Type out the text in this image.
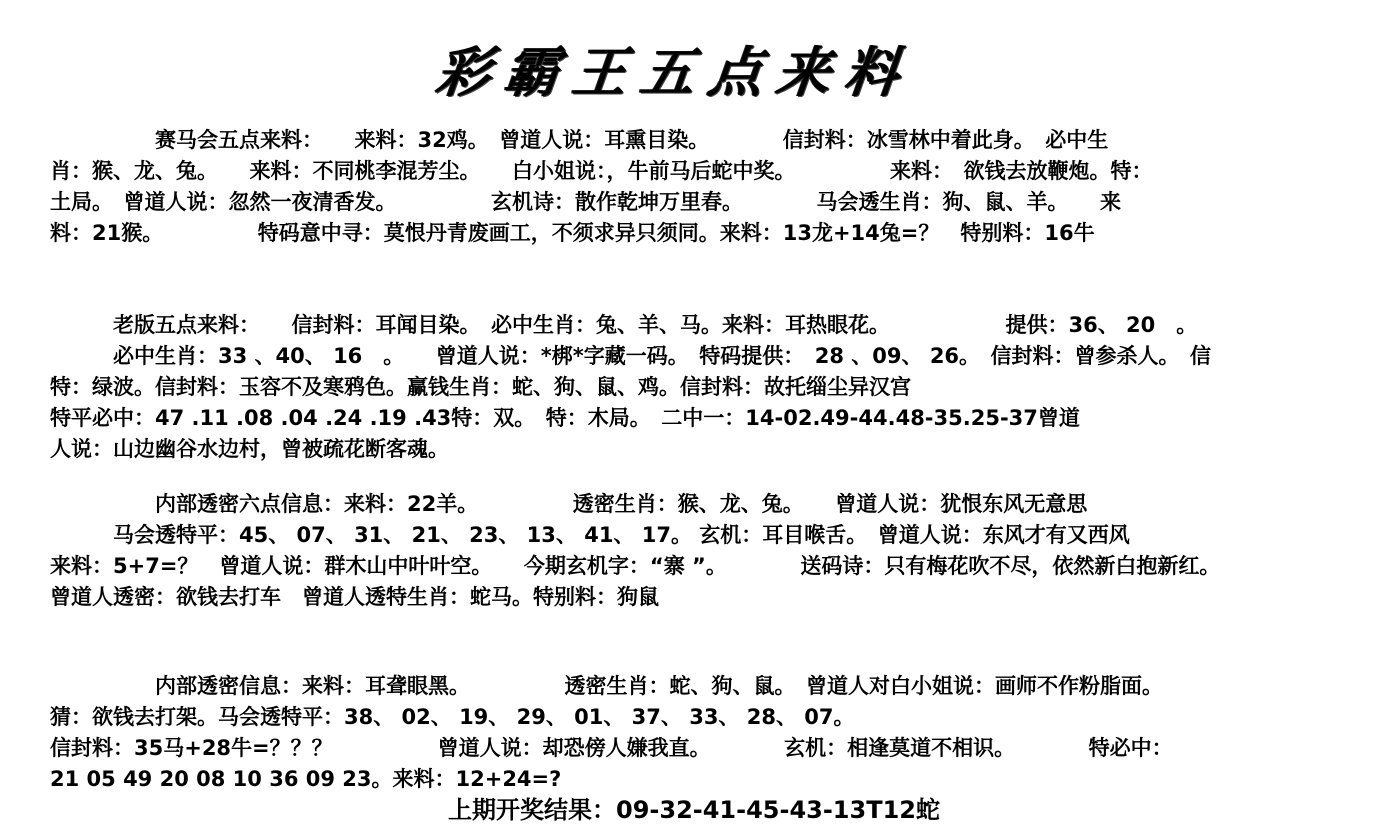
彩霸王五点来料
　　　　　赛马会五点来料：　　来料：32鸡。　曾道人说：耳熏目染。　　　　信封料：冰雪林中着此身。　必中生
肖：猴、龙、兔。　　来料：不同桃李混芳尘。　　白小姐说：，牛前马后蛇中奖。　　　　　来料：　欲钱去放鞭炮。特：
土局。　曾道人说：忽然一夜清香发。　　　　　玄机诗：散作乾坤万里春。　　　　马会透生肖：狗、鼠、羊。　　来
料：21猴。　　　　　特码意中寻：莫恨丹青废画工，不须求异只须同。来料：13龙+14兔=？　特别料：16牛
　　　老版五点来料：　　信封料：耳闻目染。　必中生肖：兔、羊、马。来料：耳热眼花。　　　　　　提供：36、 20　。
　　　必中生肖：33 、40、 16　。　　曾道人说：*梆*字藏一码。　特码提供：　28 、09、 26。　信封料：曾参杀人。　信
特：绿波。信封料：玉容不及寒鸦色。赢钱生肖：蛇、狗、鼠、鸡。信封料：故托缁尘异汉宫
特平必中：47 .11 .08 .04 .24 .19 .43特：双。　特：木局。　二中一：14-02.49-44.48-35.25-37曾道
人说：山边幽谷水边村，曾被疏花断客魂。
　　　　　内部透密六点信息：来料：22羊。　　　　　透密生肖：猴、龙、兔。　　曾道人说：犹恨东风无意思
　　　马会透特平：45、 07、 31、 21、 23、 13、 41、 17。 玄机：耳目喉舌。　曾道人说：东风才有又西风
来料：5+7=？　曾道人说：群木山中叶叶空。　　今期玄机字：“寨 ”。　　　　送码诗：只有梅花吹不尽，依然新白抱新红。
曾道人透密：欲钱去打车　曾道人透特生肖：蛇马。特别料：狗鼠
　　　　　内部透密信息：来料：耳聋眼黑。　　　　　透密生肖：蛇、狗、鼠。　曾道人对白小姐说：画师不作粉脂面。
猜：欲钱去打架。马会透特平：38、 02、 19、 29、 01、 37、 33、 28、 07。
信封料：35马+28牛=？？？　　　　　曾道人说：却恐傍人嫌我直。　　　　玄机：相逢莫道不相识。　　　　特必中：
21 05 49 20 08 10 36 09 23。来料：12+24=?
上期开奖结果：09-32-41-45-43-13T12蛇
